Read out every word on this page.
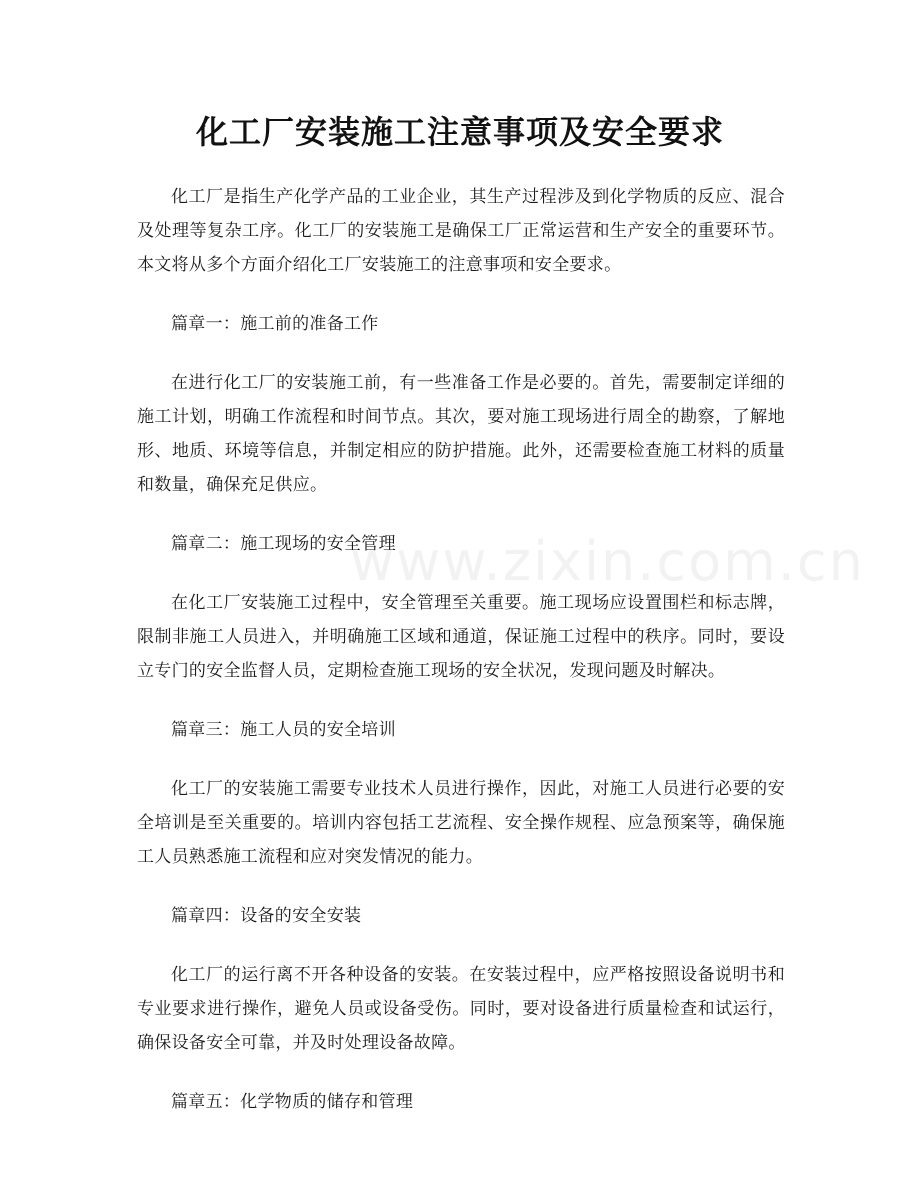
化工厂安装施工注意事项及安全要求
www.zixin.com.cn

化工厂是指生产化学产品的工业企业，其生产过程涉及到化学物质的反应、混合及处理等复杂工序。化工厂的安装施工是确保工厂正常运营和生产安全的重要环节。本文将从多个方面介绍化工厂安装施工的注意事项和安全要求。

篇章一：施工前的准备工作

在进行化工厂的安装施工前，有一些准备工作是必要的。首先，需要制定详细的施工计划，明确工作流程和时间节点。其次，要对施工现场进行周全的勘察，了解地形、地质、环境等信息，并制定相应的防护措施。此外，还需要检查施工材料的质量和数量，确保充足供应。

篇章二：施工现场的安全管理

在化工厂安装施工过程中，安全管理至关重要。施工现场应设置围栏和标志牌，限制非施工人员进入，并明确施工区域和通道，保证施工过程中的秩序。同时，要设立专门的安全监督人员，定期检查施工现场的安全状况，发现问题及时解决。

篇章三：施工人员的安全培训

化工厂的安装施工需要专业技术人员进行操作，因此，对施工人员进行必要的安全培训是至关重要的。培训内容包括工艺流程、安全操作规程、应急预案等，确保施工人员熟悉施工流程和应对突发情况的能力。

篇章四：设备的安全安装

化工厂的运行离不开各种设备的安装。在安装过程中，应严格按照设备说明书和专业要求进行操作，避免人员或设备受伤。同时，要对设备进行质量检查和试运行，确保设备安全可靠，并及时处理设备故障。

篇章五：化学物质的储存和管理
